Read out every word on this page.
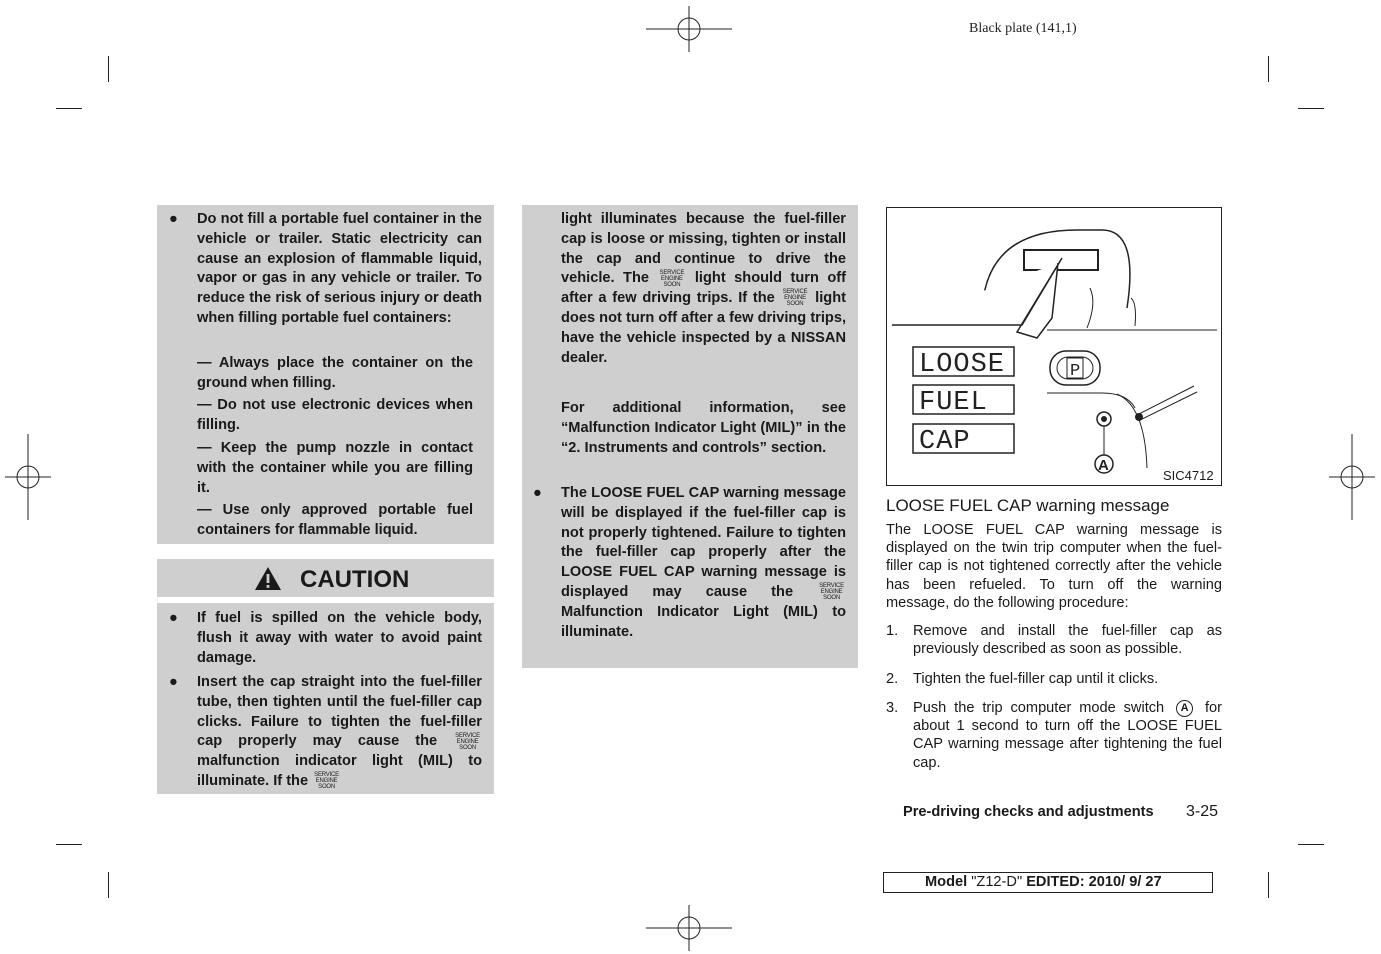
Black plate (141,1)
● Do not fill a portable fuel container in the vehicle or trailer. Static electricity can cause an explosion of flammable liquid, vapor or gas in any vehicle or trailer. To reduce the risk of serious injury or death when filling portable fuel containers:
— Always place the container on the ground when filling.
— Do not use electronic devices when filling.
— Keep the pump nozzle in contact with the container while you are filling it.
— Use only approved portable fuel containers for flammable liquid.
CAUTION
● If fuel is spilled on the vehicle body, flush it away with water to avoid paint damage.
● Insert the cap straight into the fuel-filler tube, then tighten until the fuel-filler cap clicks. Failure to tighten the fuel-filler cap properly may cause the	SERVICE
ENGINE
SOON malfunction indicator light (MIL) to illuminate. If the SERVICE
ENGINE
SOON
light illuminates because the fuel-filler cap is loose or missing, tighten or install the cap and continue to drive the vehicle. The SERVICE
ENGINE
SOON light should turn off after a few driving trips. If the SERVICE
ENGINE
SOON light does not turn off after a few driving trips, have the vehicle inspected by a NISSAN dealer.
For additional information, see “Malfunction Indicator Light (MIL)” in the “2. Instruments and controls” section.
● The LOOSE FUEL CAP warning message will be displayed if the fuel-filler cap is not properly tightened. Failure to tighten the fuel-filler cap properly after the LOOSE FUEL CAP warning message is displayed may cause the	SERVICE
ENGINE
SOON Malfunction Indicator Light (MIL) to illuminate.
LOOSE
FUEL
CAP
P
A
SIC4712
LOOSE FUEL CAP warning message
The LOOSE FUEL CAP warning message is displayed on the twin trip computer when the fuel-filler cap is not tightened correctly after the vehicle has been refueled. To turn off the warning message, do the following procedure:
1. Remove and install the fuel-filler cap as previously described as soon as possible.
2. Tighten the fuel-filler cap until it clicks.
3. Push the trip computer mode switch A for about 1 second to turn off the LOOSE FUEL CAP warning message after tightening the fuel cap.
Pre-driving checks and adjustments 3-25
Model "Z12-D" EDITED: 2010/ 9/ 27
